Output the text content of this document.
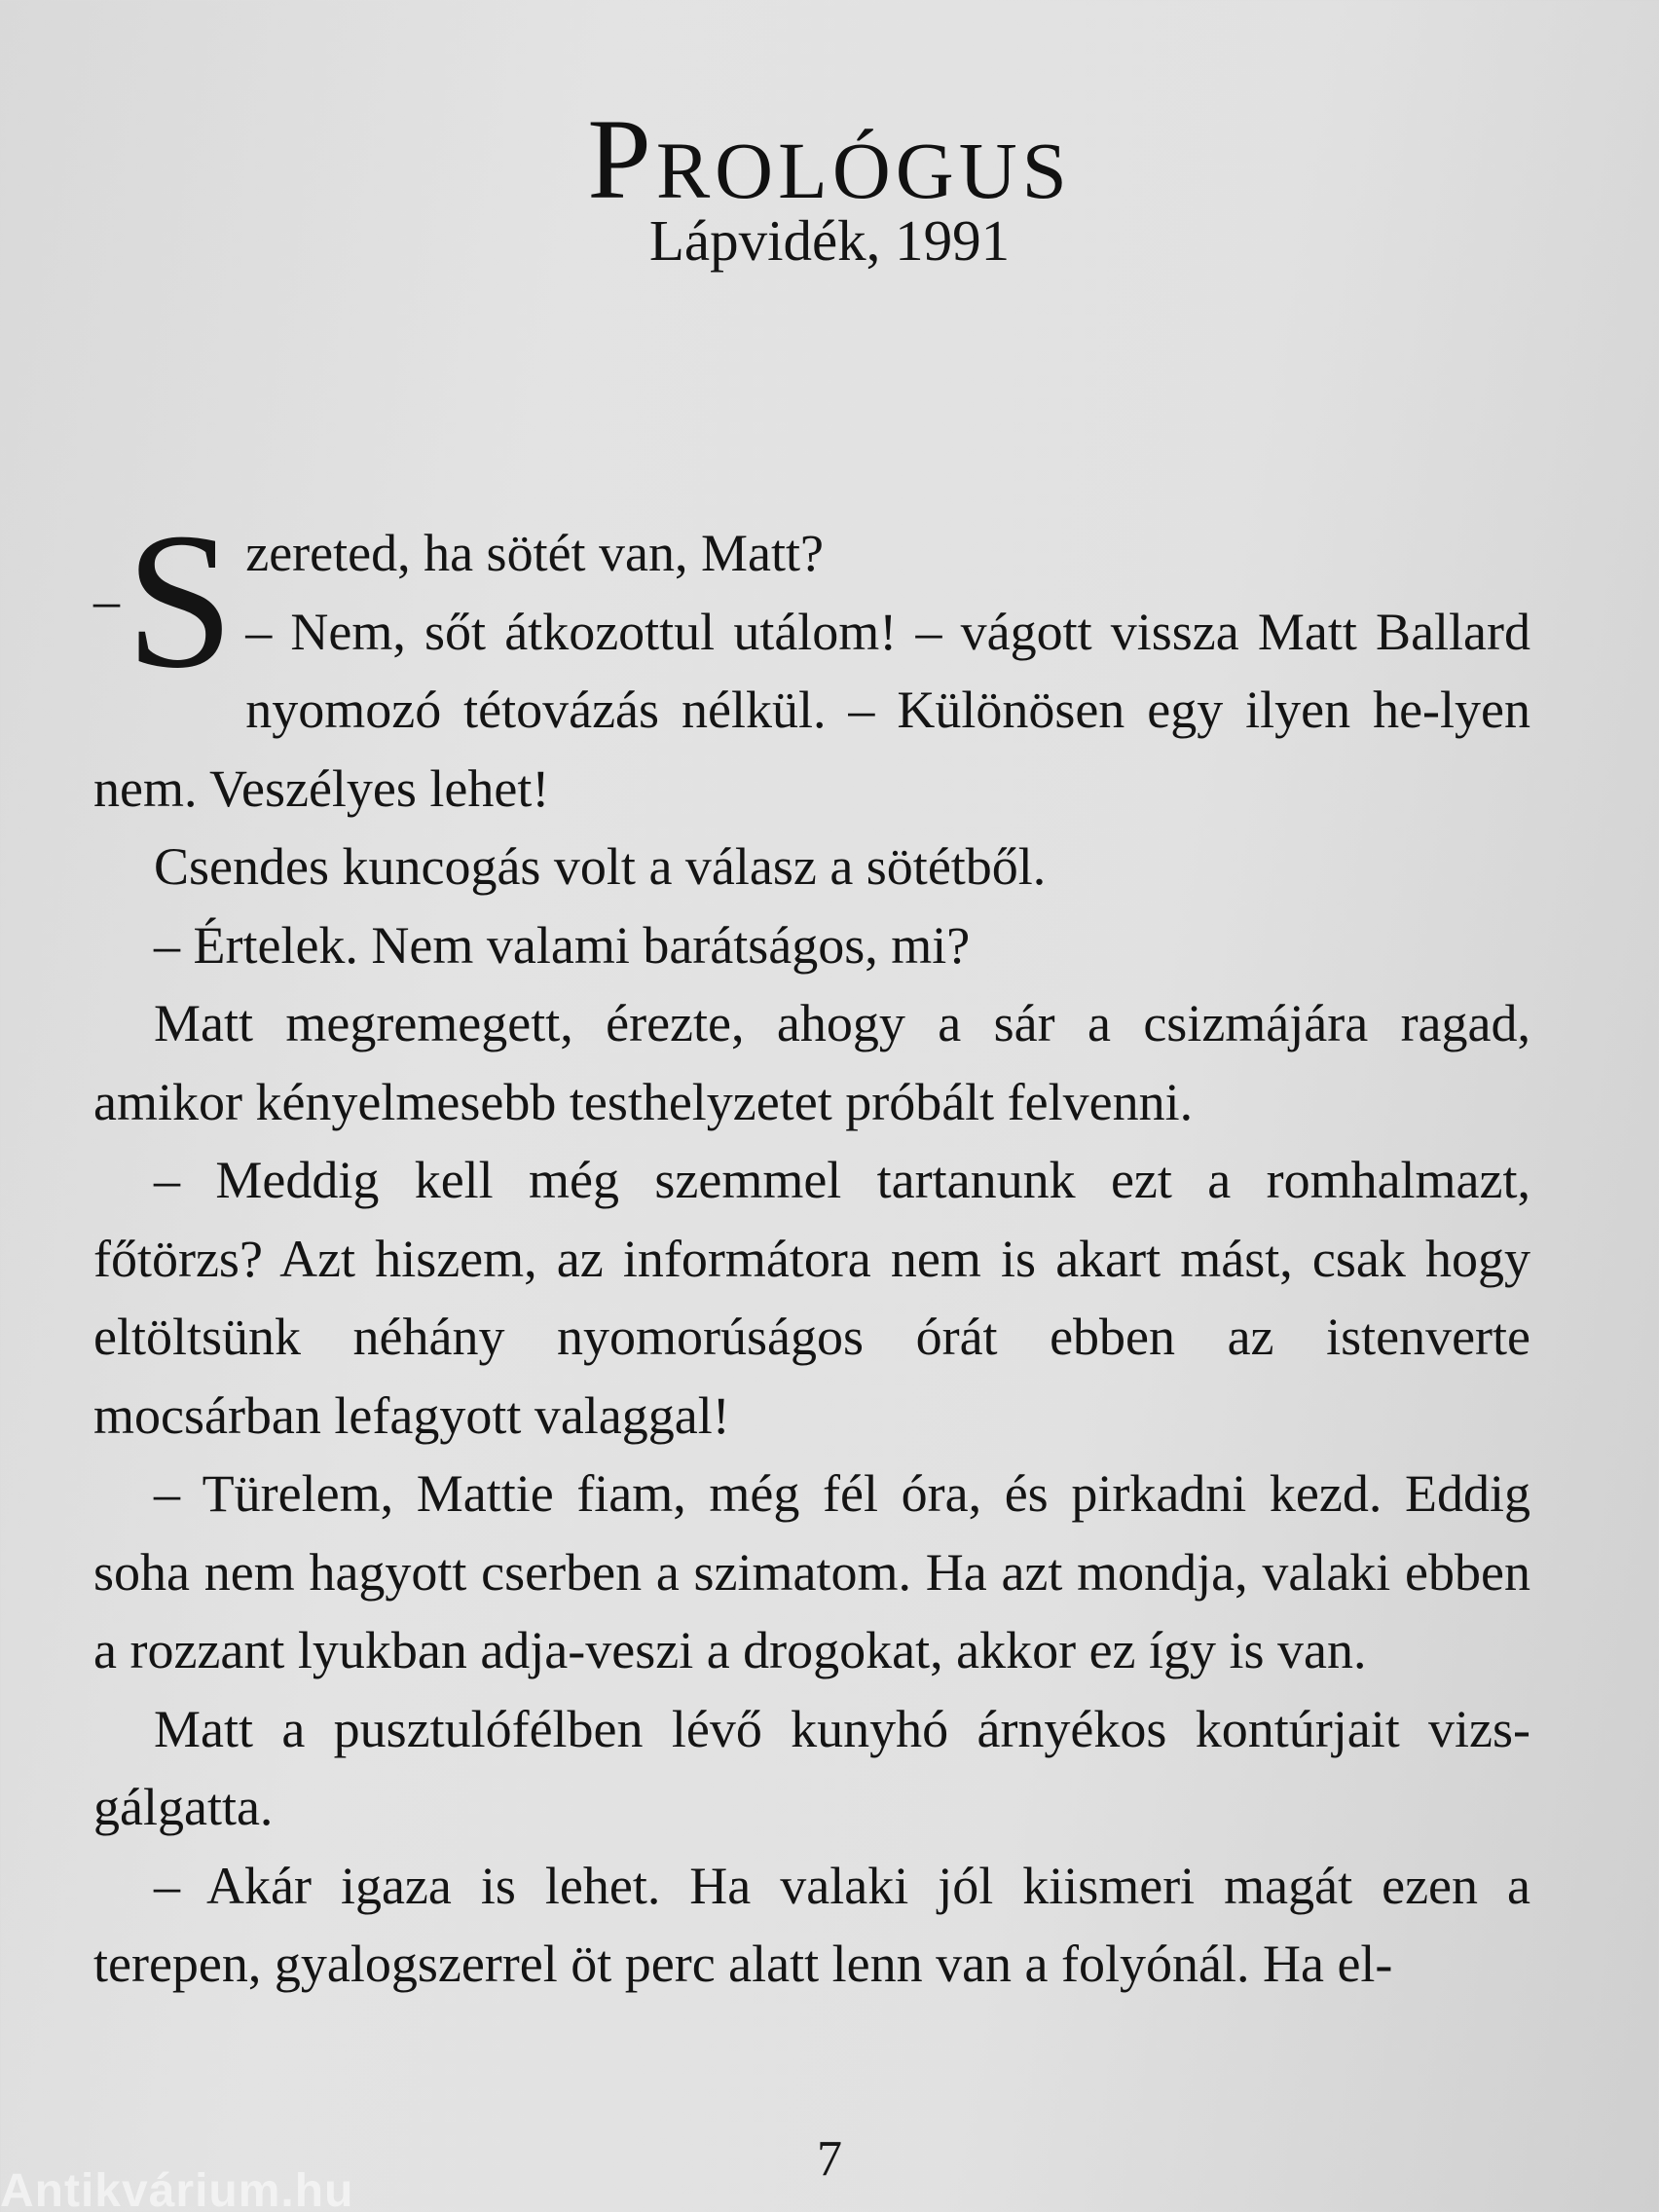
Prológus
Lápvidék, 1991

– S zereted, ha sötét van, Matt?

– Nem, sőt átkozottul utálom! – vágott vissza Matt Ballard nyomozó tétovázás nélkül. – Különösen egy ilyen he-lyen nem. Veszélyes lehet!

Csendes kuncogás volt a válasz a sötétből.

– Értelek. Nem valami barátságos, mi?

Matt megremegett, érezte, ahogy a sár a csizmájára ragad, amikor kényelmesebb testhelyzetet próbált felvenni.

– Meddig kell még szemmel tartanunk ezt a romhalmazt, főtörzs? Azt hiszem, az informátora nem is akart mást, csak hogy eltöltsünk néhány nyomorúságos órát ebben az istenverte mocsárban lefagyott valaggal!

– Türelem, Mattie fiam, még fél óra, és pirkadni kezd. Eddig soha nem hagyott cserben a szimatom. Ha azt mondja, valaki ebben a rozzant lyukban adja-veszi a drogokat, akkor ez így is van.

Matt a pusztulófélben lévő kunyhó árnyékos kontúrjait vizs-gálgatta.

– Akár igaza is lehet. Ha valaki jól kiismeri magát ezen a terepen, gyalogszerrel öt perc alatt lenn van a folyónál. Ha el-

7
Antikvárium.hu
